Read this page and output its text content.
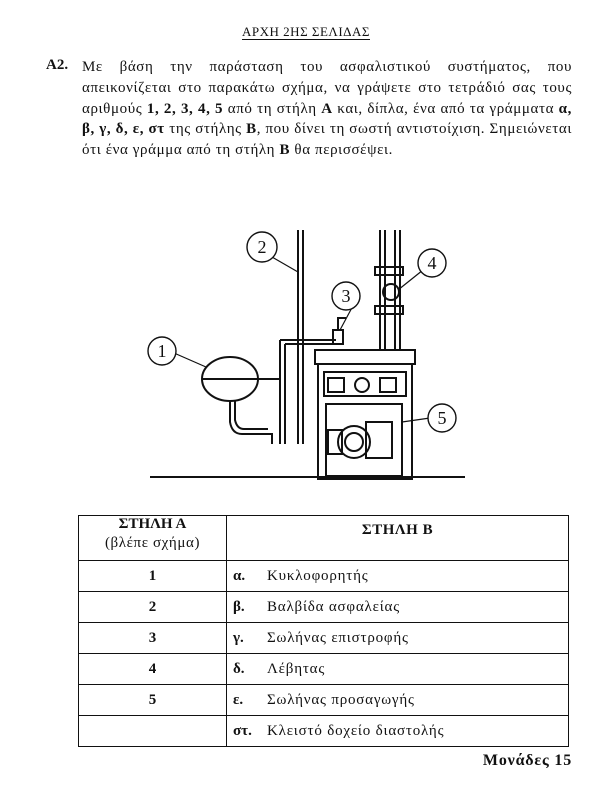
ΑΡΧΗ 2ΗΣ ΣΕΛΙΔΑΣ
Α2. Με βάση την παράσταση του ασφαλιστικού συστήματος, που απεικονίζεται στο παρακάτω σχήμα, να γράψετε στο τετράδιό σας τους αριθμούς 1, 2, 3, 4, 5 από τη στήλη Α και, δίπλα, ένα από τα γράμματα α, β, γ, δ, ε, στ της στήλης Β, που δίνει τη σωστή αντιστοίχιση. Σημειώνεται ότι ένα γράμμα από τη στήλη Β θα περισσέψει.
2
3
4
1
5
ΣΤΗΛΗ Α
(βλέπε σχήμα)	ΣΤΗΛΗ Β
1	α. Κυκλοφορητής
2	β. Βαλβίδα ασφαλείας
3	γ. Σωλήνας επιστροφής
4	δ. Λέβητας
5	ε. Σωλήνας προσαγωγής
	στ. Κλειστό δοχείο διαστολής
Μονάδες 15
